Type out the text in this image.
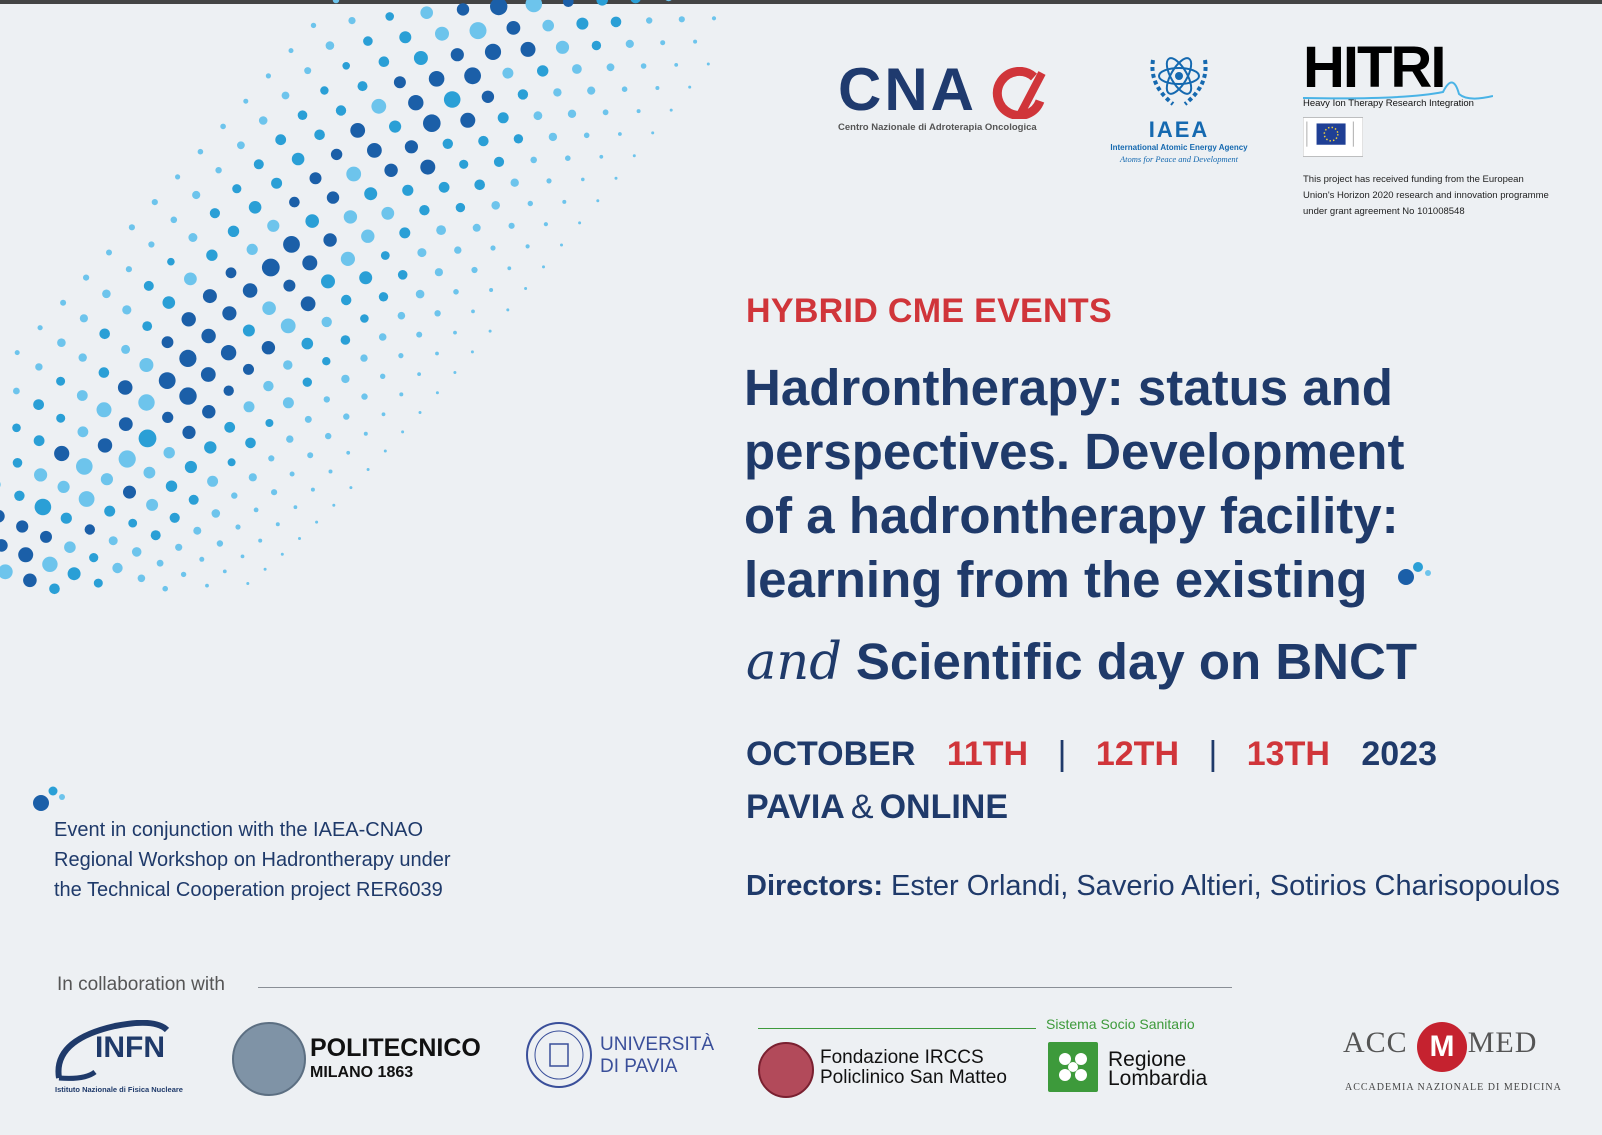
CNA
Centro Nazionale di Adroterapia Oncologica	IAEA
International Atomic Energy Agency
Atoms for Peace and Development
HITRI
Heavy Ion Therapy Research Integration
This project has received funding from the European
Union's Horizon 2020 research and innovation programme
under grant agreement No 101008548
HYBRID CME EVENTS
Hadrontherapy: status and
perspectives. Development
of a hadrontherapy facility:
learning from the existing
and Scientific day on BNCT
OCTOBER 11TH | 12TH | 13TH 2023
PAVIA & ONLINE
Directors: Ester Orlandi, Saverio Altieri, Sotirios Charisopoulos
Event in conjunction with the IAEA-CNAO
Regional Workshop on Hadrontherapy under
the Technical Cooperation project RER6039
In collaboration with
INFN
Istituto Nazionale di Fisica Nucleare
POLITECNICO
MILANO 1863
UNIVERSITÀ
DI PAVIA	Fondazione IRCCS
Policlinico San Matteo
Sistema Socio Sanitario
Regione
Lombardia
ACC MED
M
ACCADEMIA NAZIONALE DI MEDICINA
